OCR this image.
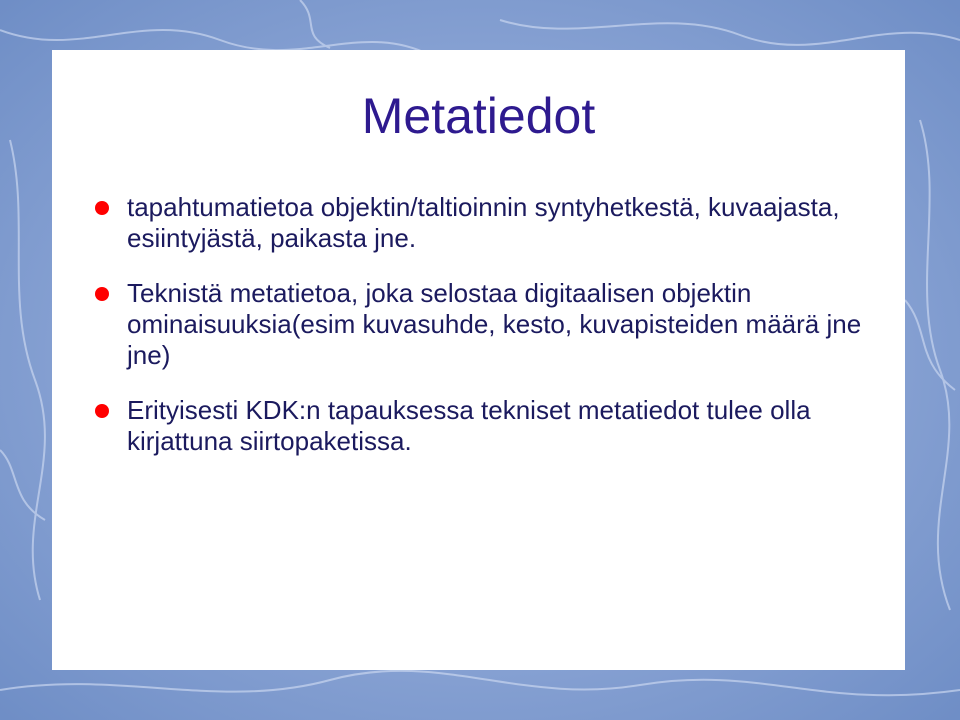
Metatiedot
tapahtumatietoa objektin/taltioinnin syntyhetkestä, kuvaajasta, esiintyjästä, paikasta jne.
Teknistä metatietoa, joka selostaa digitaalisen objektin ominaisuuksia(esim kuvasuhde, kesto, kuvapisteiden määrä jne jne)
Erityisesti KDK:n tapauksessa tekniset metatiedot tulee olla kirjattuna siirtopaketissa.
